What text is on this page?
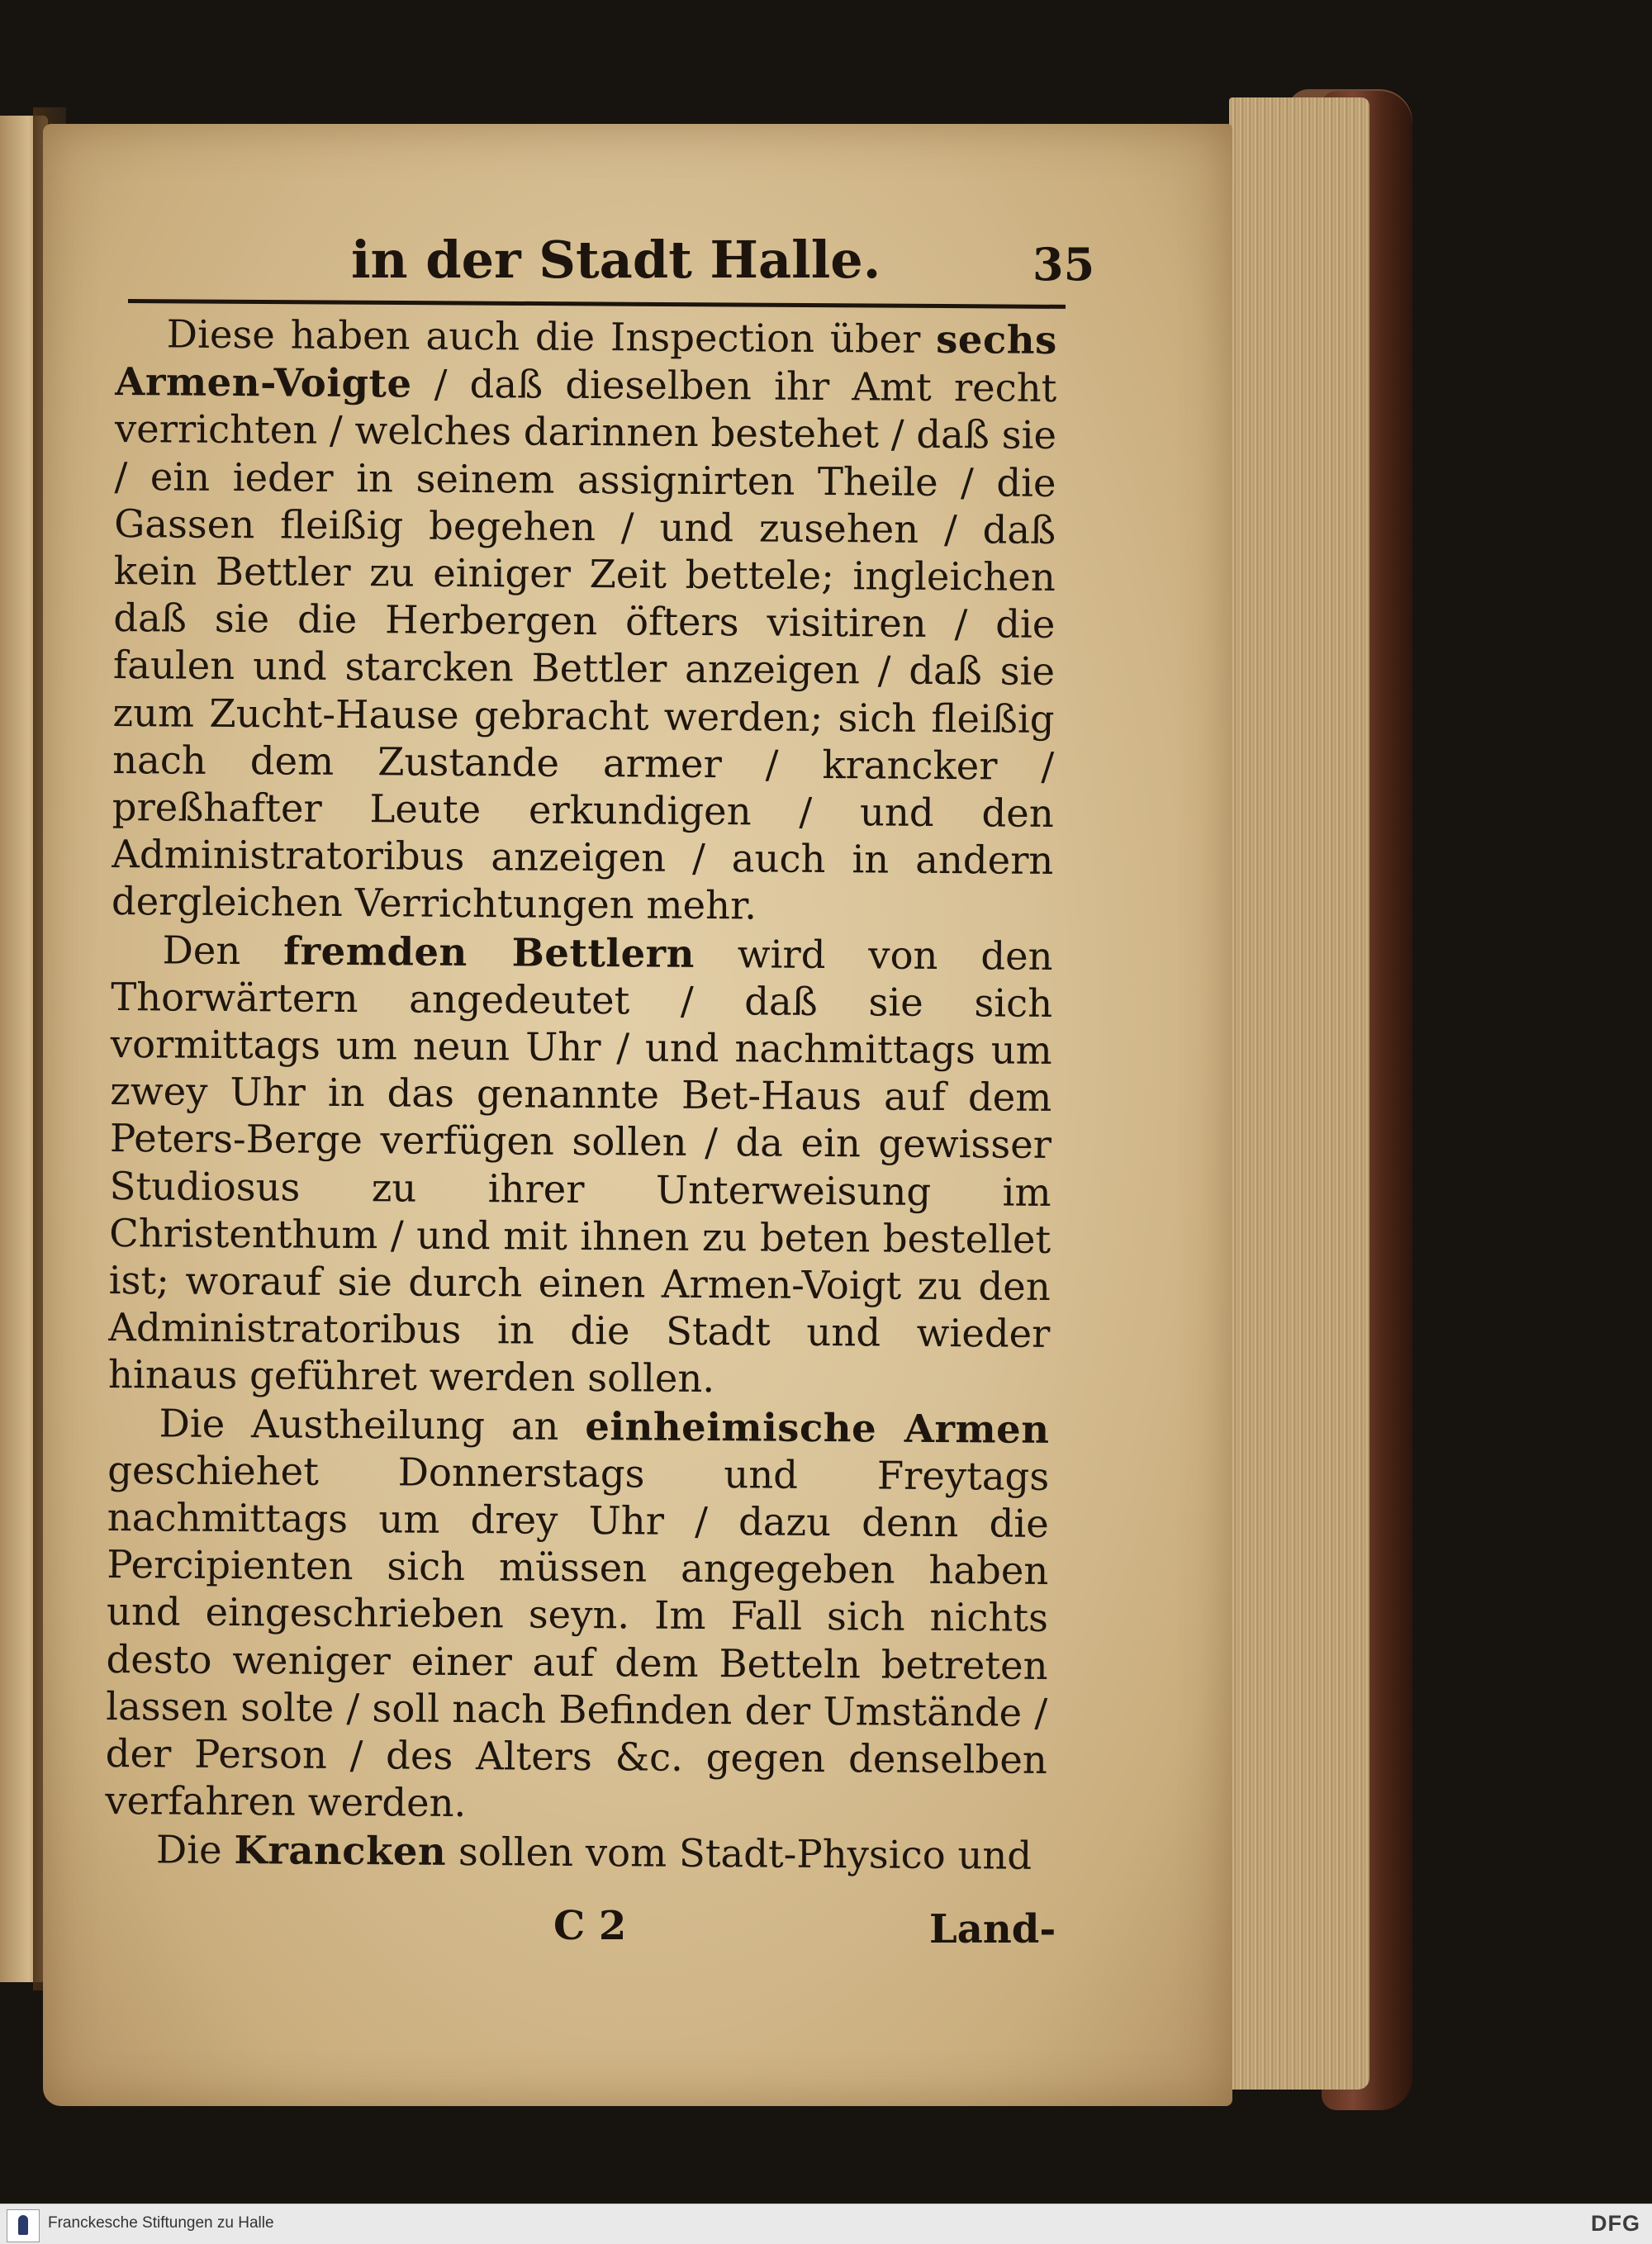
in der Stadt Halle.	35

Diese haben auch die Inspection über sechs Armen-Voigte / daß dieselben ihr Amt recht verrichten / welches darinnen bestehet / daß sie / ein ieder in seinem assignirten Theile / die Gassen fleißig begehen / und zusehen / daß kein Bettler zu einiger Zeit bettele; ingleichen daß sie die Herbergen öfters visitiren / die faulen und starcken Bettler anzeigen / daß sie zum Zucht-Hause gebracht werden; sich fleißig nach dem Zustande armer / krancker / preßhafter Leute erkundigen / und den Administratoribus anzeigen / auch in andern dergleichen Verrichtungen mehr.

Den fremden Bettlern wird von den Thorwärtern angedeutet / daß sie sich vormittags um neun Uhr / und nachmittags um zwey Uhr in das genannte Bet-Haus auf dem Peters-Berge verfügen sollen / da ein gewisser Studiosus zu ihrer Unterweisung im Christenthum / und mit ihnen zu beten bestellet ist; worauf sie durch einen Armen-Voigt zu den Administratoribus in die Stadt und wieder hinaus geführet werden sollen.

Die Austheilung an einheimische Armen geschiehet Donnerstags und Freytags nachmittags um drey Uhr / dazu denn die Percipienten sich müssen angegeben haben und eingeschrieben seyn. Im Fall sich nichts desto weniger einer auf dem Betteln betreten lassen solte / soll nach Befinden der Umstände / der Person / des Alters &c. gegen denselben verfahren werden.

Die Krancken sollen vom Stadt-Physico und

C 2	Land-
Franckesche Stiftungen zu Halle	DFG
